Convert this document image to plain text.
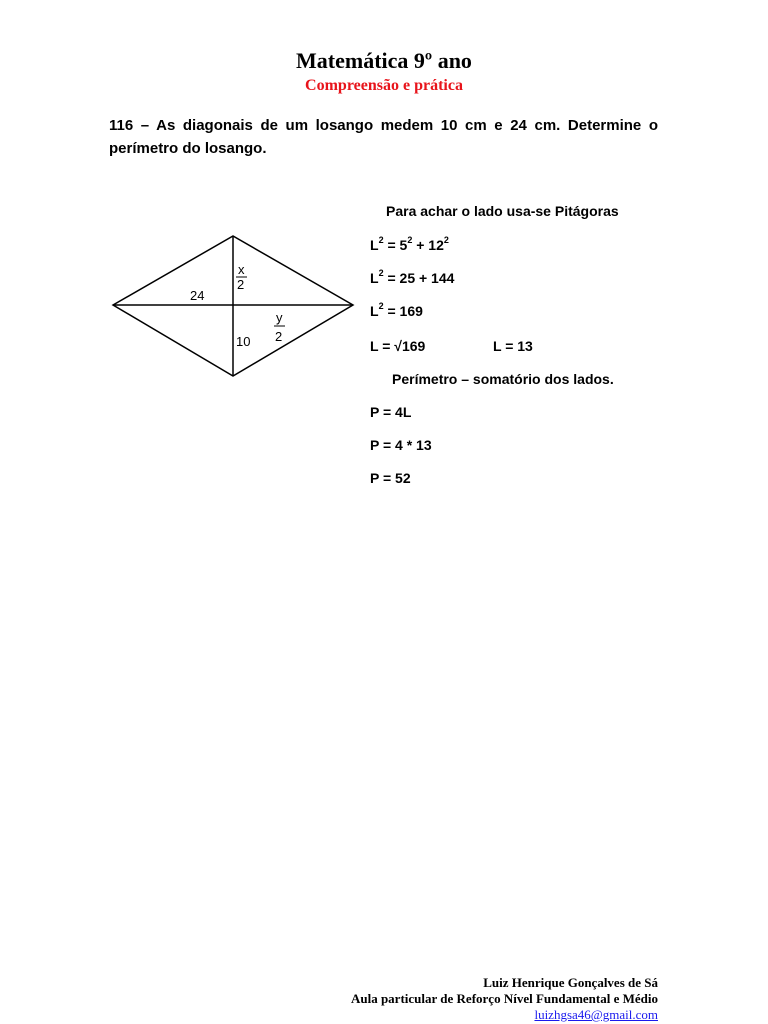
Matemática 9º ano
Compreensão e prática
116 – As diagonais de um losango medem 10 cm e 24 cm. Determine o
perímetro do losango.
24
10
x
2
y
2
Para achar o lado usa-se Pitágoras
$L^2 = 5^2 + 12^2$
$L^2 = 25 + 144$
$L^2 = 169$
L = √169	L = 13
Perímetro – somatório dos lados.
P = 4L
P = 4 * 13
P = 52
Luiz Henrique Gonçalves de Sá
Aula particular de Reforço Nível Fundamental e Médio
luizhgsa46@gmail.com
